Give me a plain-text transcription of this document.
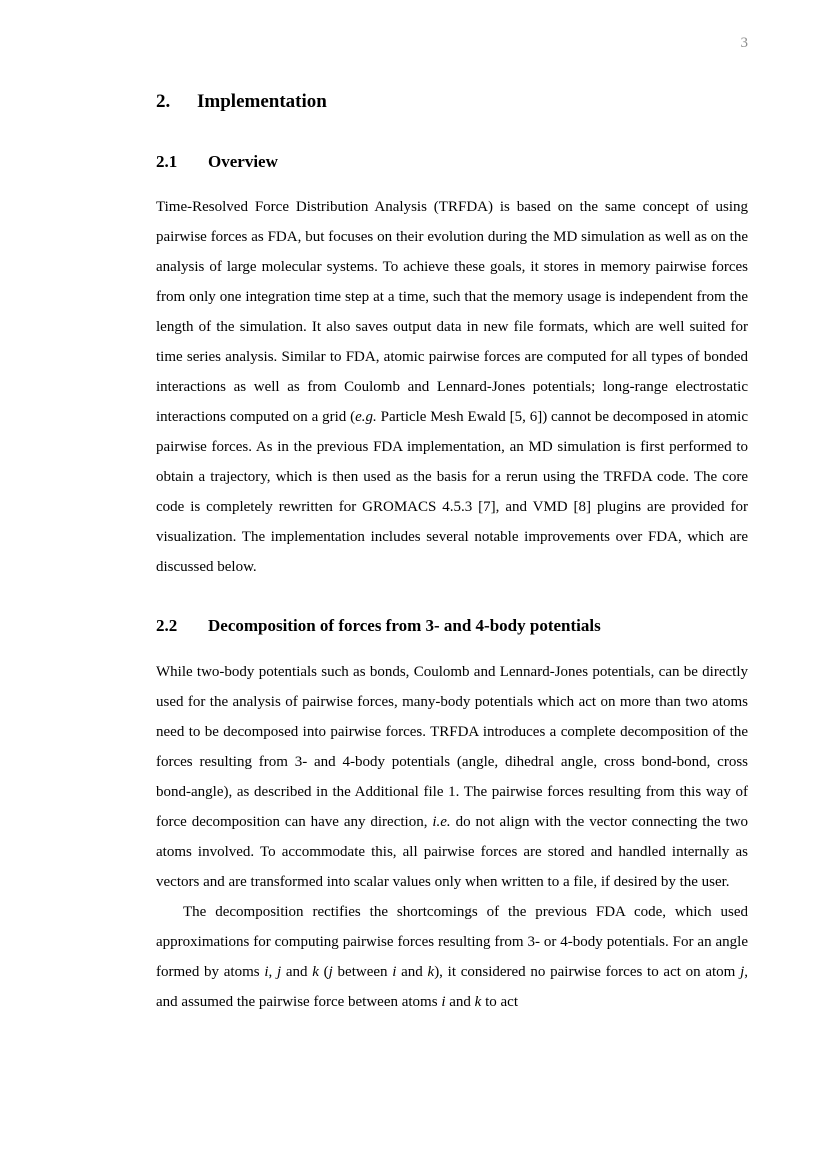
3
2. Implementation
2.1 Overview

Time-Resolved Force Distribution Analysis (TRFDA) is based on the same concept of using pairwise forces as FDA, but focuses on their evolution during the MD simulation as well as on the analysis of large molecular systems. To achieve these goals, it stores in memory pairwise forces from only one integration time step at a time, such that the memory usage is independent from the length of the simulation. It also saves output data in new file formats, which are well suited for time series analysis. Similar to FDA, atomic pairwise forces are computed for all types of bonded interactions as well as from Coulomb and Lennard-Jones potentials; long-range electrostatic interactions computed on a grid (e.g. Particle Mesh Ewald [5, 6]) cannot be decomposed in atomic pairwise forces. As in the previous FDA implementation, an MD simulation is first performed to obtain a trajectory, which is then used as the basis for a rerun using the TRFDA code. The core code is completely rewritten for GROMACS 4.5.3 [7], and VMD [8] plugins are provided for visualization. The implementation includes several notable improvements over FDA, which are discussed below.

2.2 Decomposition of forces from 3- and 4-body potentials

While two-body potentials such as bonds, Coulomb and Lennard-Jones potentials, can be directly used for the analysis of pairwise forces, many-body potentials which act on more than two atoms need to be decomposed into pairwise forces. TRFDA introduces a complete decomposition of the forces resulting from 3- and 4-body potentials (angle, dihedral angle, cross bond-bond, cross bond-angle), as described in the Additional file 1. The pairwise forces resulting from this way of force decomposition can have any direction, i.e. do not align with the vector connecting the two atoms involved. To accommodate this, all pairwise forces are stored and handled internally as vectors and are transformed into scalar values only when written to a file, if desired by the user.

The decomposition rectifies the shortcomings of the previous FDA code, which used approximations for computing pairwise forces resulting from 3- or 4-body potentials. For an angle formed by atoms i, j and k (j between i and k), it considered no pairwise forces to act on atom j, and assumed the pairwise force between atoms i and k to act
